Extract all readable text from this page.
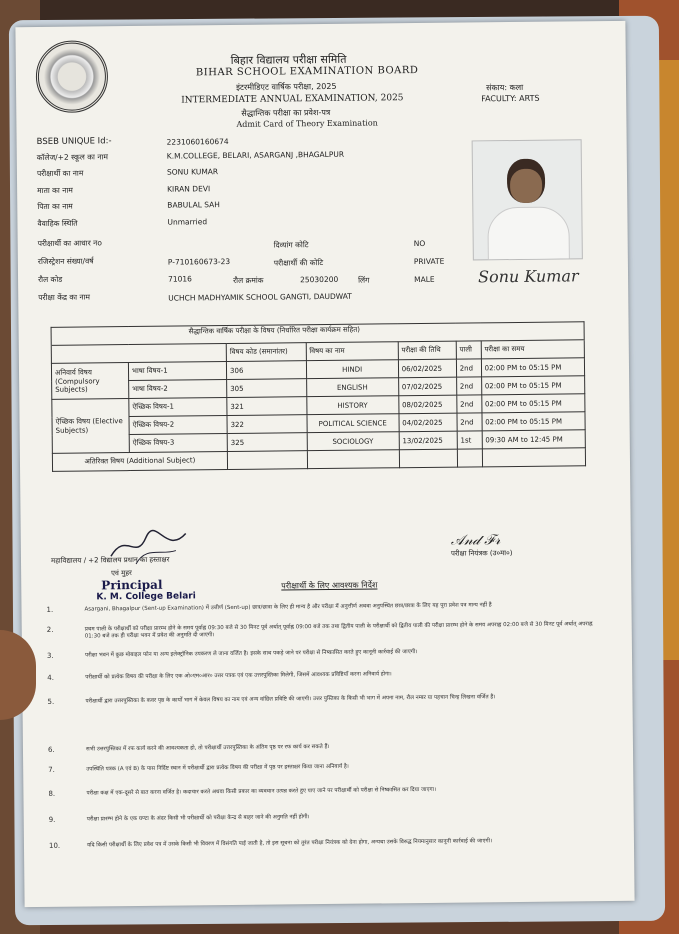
बिहार विद्यालय परीक्षा समिति
BIHAR SCHOOL EXAMINATION BOARD
इंटरमीडिएट वार्षिक परीक्षा, 2025
INTERMEDIATE ANNUAL EXAMINATION, 2025
सैद्धान्तिक परीक्षा का प्रवेश-पत्र
Admit Card of Theory Examination
संकाय: कला
FACULTY: ARTS
BSEB UNIQUE Id:-	2231060160674
कॉलेज/+2 स्कूल का नाम	K.M.COLLEGE, BELARI, ASARGANJ ,BHAGALPUR
परीक्षार्थी का नाम	SONU KUMAR
माता का नाम	KIRAN DEVI
पिता का नाम	BABULAL SAH
वैवाहिक स्थिति	Unmarried
परीक्षार्थी का आधार नo	दिव्यांग कोटि	NO
रजिस्ट्रेशन संख्या/वर्ष	P-710160673-23	परीक्षार्थी की कोटि	PRIVATE
रौल कोड	71016	रौल क्रमांक	25030200	लिंग	MALE
परीक्षा केंद्र का नाम	UCHCH MADHYAMIK SCHOOL GANGTI, DAUDWAT
Sonu Kumar
सैद्धान्तिक वार्षिक परीक्षा के विषय (निर्धारित परीक्षा कार्यक्रम सहित)

		विषय कोड (समानांतर)	विषय का नाम	परीक्षा की तिथि	पाली	परीक्षा का समय
अनिवार्य विषय (Compulsory Subjects)	भाषा विषय-1	306	HINDI	06/02/2025	2nd	02:00 PM to 05:15 PM
	भाषा विषय-2	305	ENGLISH	07/02/2025	2nd	02:00 PM to 05:15 PM
ऐच्छिक विषय (Elective Subjects)	ऐच्छिक विषय-1	321	HISTORY	08/02/2025	2nd	02:00 PM to 05:15 PM
	ऐच्छिक विषय-2	322	POLITICAL SCIENCE	04/02/2025	2nd	02:00 PM to 05:15 PM
	ऐच्छिक विषय-3	325	SOCIOLOGY	13/02/2025	1st	09:30 AM to 12:45 PM
अतिरिक्त विषय (Additional Subject)						
𝒜𝓃𝒹 ℱ𝓇
परीक्षा नियंत्रक (उ०मा०)
महाविद्यालय / +2 विद्यालय प्रधान का हस्ताक्षर
एवं मुहर
Principal
K. M. College Belari
परीक्षार्थी के लिए आवश्यक निर्देश
1.	Asargani, Bhagalpur (Sent-up Examination) में उत्तीर्ण (Sent-up) छात्र/छात्रा के लिए ही मान्य है और परीक्षा में अनुत्तीर्ण अथवा अनुपस्थित छात्र/छात्रा के लिए यह पूरा प्रवेश पत्र मान्य नहीं है
2.	प्रथम पाली के परीक्षार्थी को परीक्षा प्रारम्भ होने के समय पूर्वाह्न 09:30 बजे से 30 मिनट पूर्व अर्थात् पूर्वाह्न 09:00 बजे तक तथा द्वितीय पाली के परीक्षार्थी को द्वितीय पाली की परीक्षा प्रारम्भ होने के समय अपराह्न 02:00 बजे से 30 मिनट पूर्व अर्थात् अपराह्न 01:30 बजे तक ही परीक्षा भवन में प्रवेश की अनुमति दी जाएगी।
3.	परीक्षा भवन में कुछ मोबाइल फोन या अन्य इलेक्ट्रॉनिक उपकरण ले जाना वर्जित है। इसके साथ पकड़े जाने पर परीक्षा से निष्कासित करते हुए कानूनी कार्रवाई की जाएगी।
4.	परीक्षार्थी को प्रत्येक विषय की परीक्षा के लिए एक ओ०एम०आर० उत्तर पत्रक एवं एक उत्तरपुस्तिका मिलेगी, जिसमें आवश्यक प्रविष्टियाँ करना अनिवार्य होगा।
5.	परीक्षार्थी द्वारा उत्तरपुस्तिका के कवर पृष्ठ के कार्यों भाग में केवल विषय का नाम एवं अन्य वांछित प्रविष्टि की जाएगी। उत्तर पुस्तिका के किसी भी भाग में अपना नाम, रौल नम्बर या पहचान चिन्ह लिखना वर्जित है।
6.	सभी उत्तरपुस्तिका में रफ कार्य करने की आवश्यकता हो, तो परीक्षार्थी उत्तरपुस्तिका के अंतिम पृष्ठ पर रफ कार्य कर सकते हैं।
7.	उपस्थिति पत्रक (A एवं B) के पास निर्दिष्ट स्थान में परीक्षार्थी द्वारा प्रत्येक विषय की परीक्षा में पृष्ठ पर हस्ताक्षर किया जाना अनिवार्य है।
8.	परीक्षा कक्ष में एक-दूसरे से बात करना वर्जित है। कदाचार करते अथवा किसी प्रकार का व्यवधान उत्पन्न करते हुए पाए जाने पर परीक्षार्थी को परीक्षा से निष्कासित कर दिया जाएगा।
9.	परीक्षा प्रारम्भ होने के एक घण्टा के अंदर किसी भी परीक्षार्थी को परीक्षा केन्द्र से बाहर जाने की अनुमति नहीं होगी।
10.	यदि किसी परीक्षार्थी के लिए प्रवेश पत्र में उसके किसी भी विवरण में विसंगति पाई जाती है, तो इस सूचना को तुरंत परीक्षा नियंत्रक को देना होगा, अन्यथा उसके विरुद्ध नियमानुसार कानूनी कार्रवाई की जाएगी।
